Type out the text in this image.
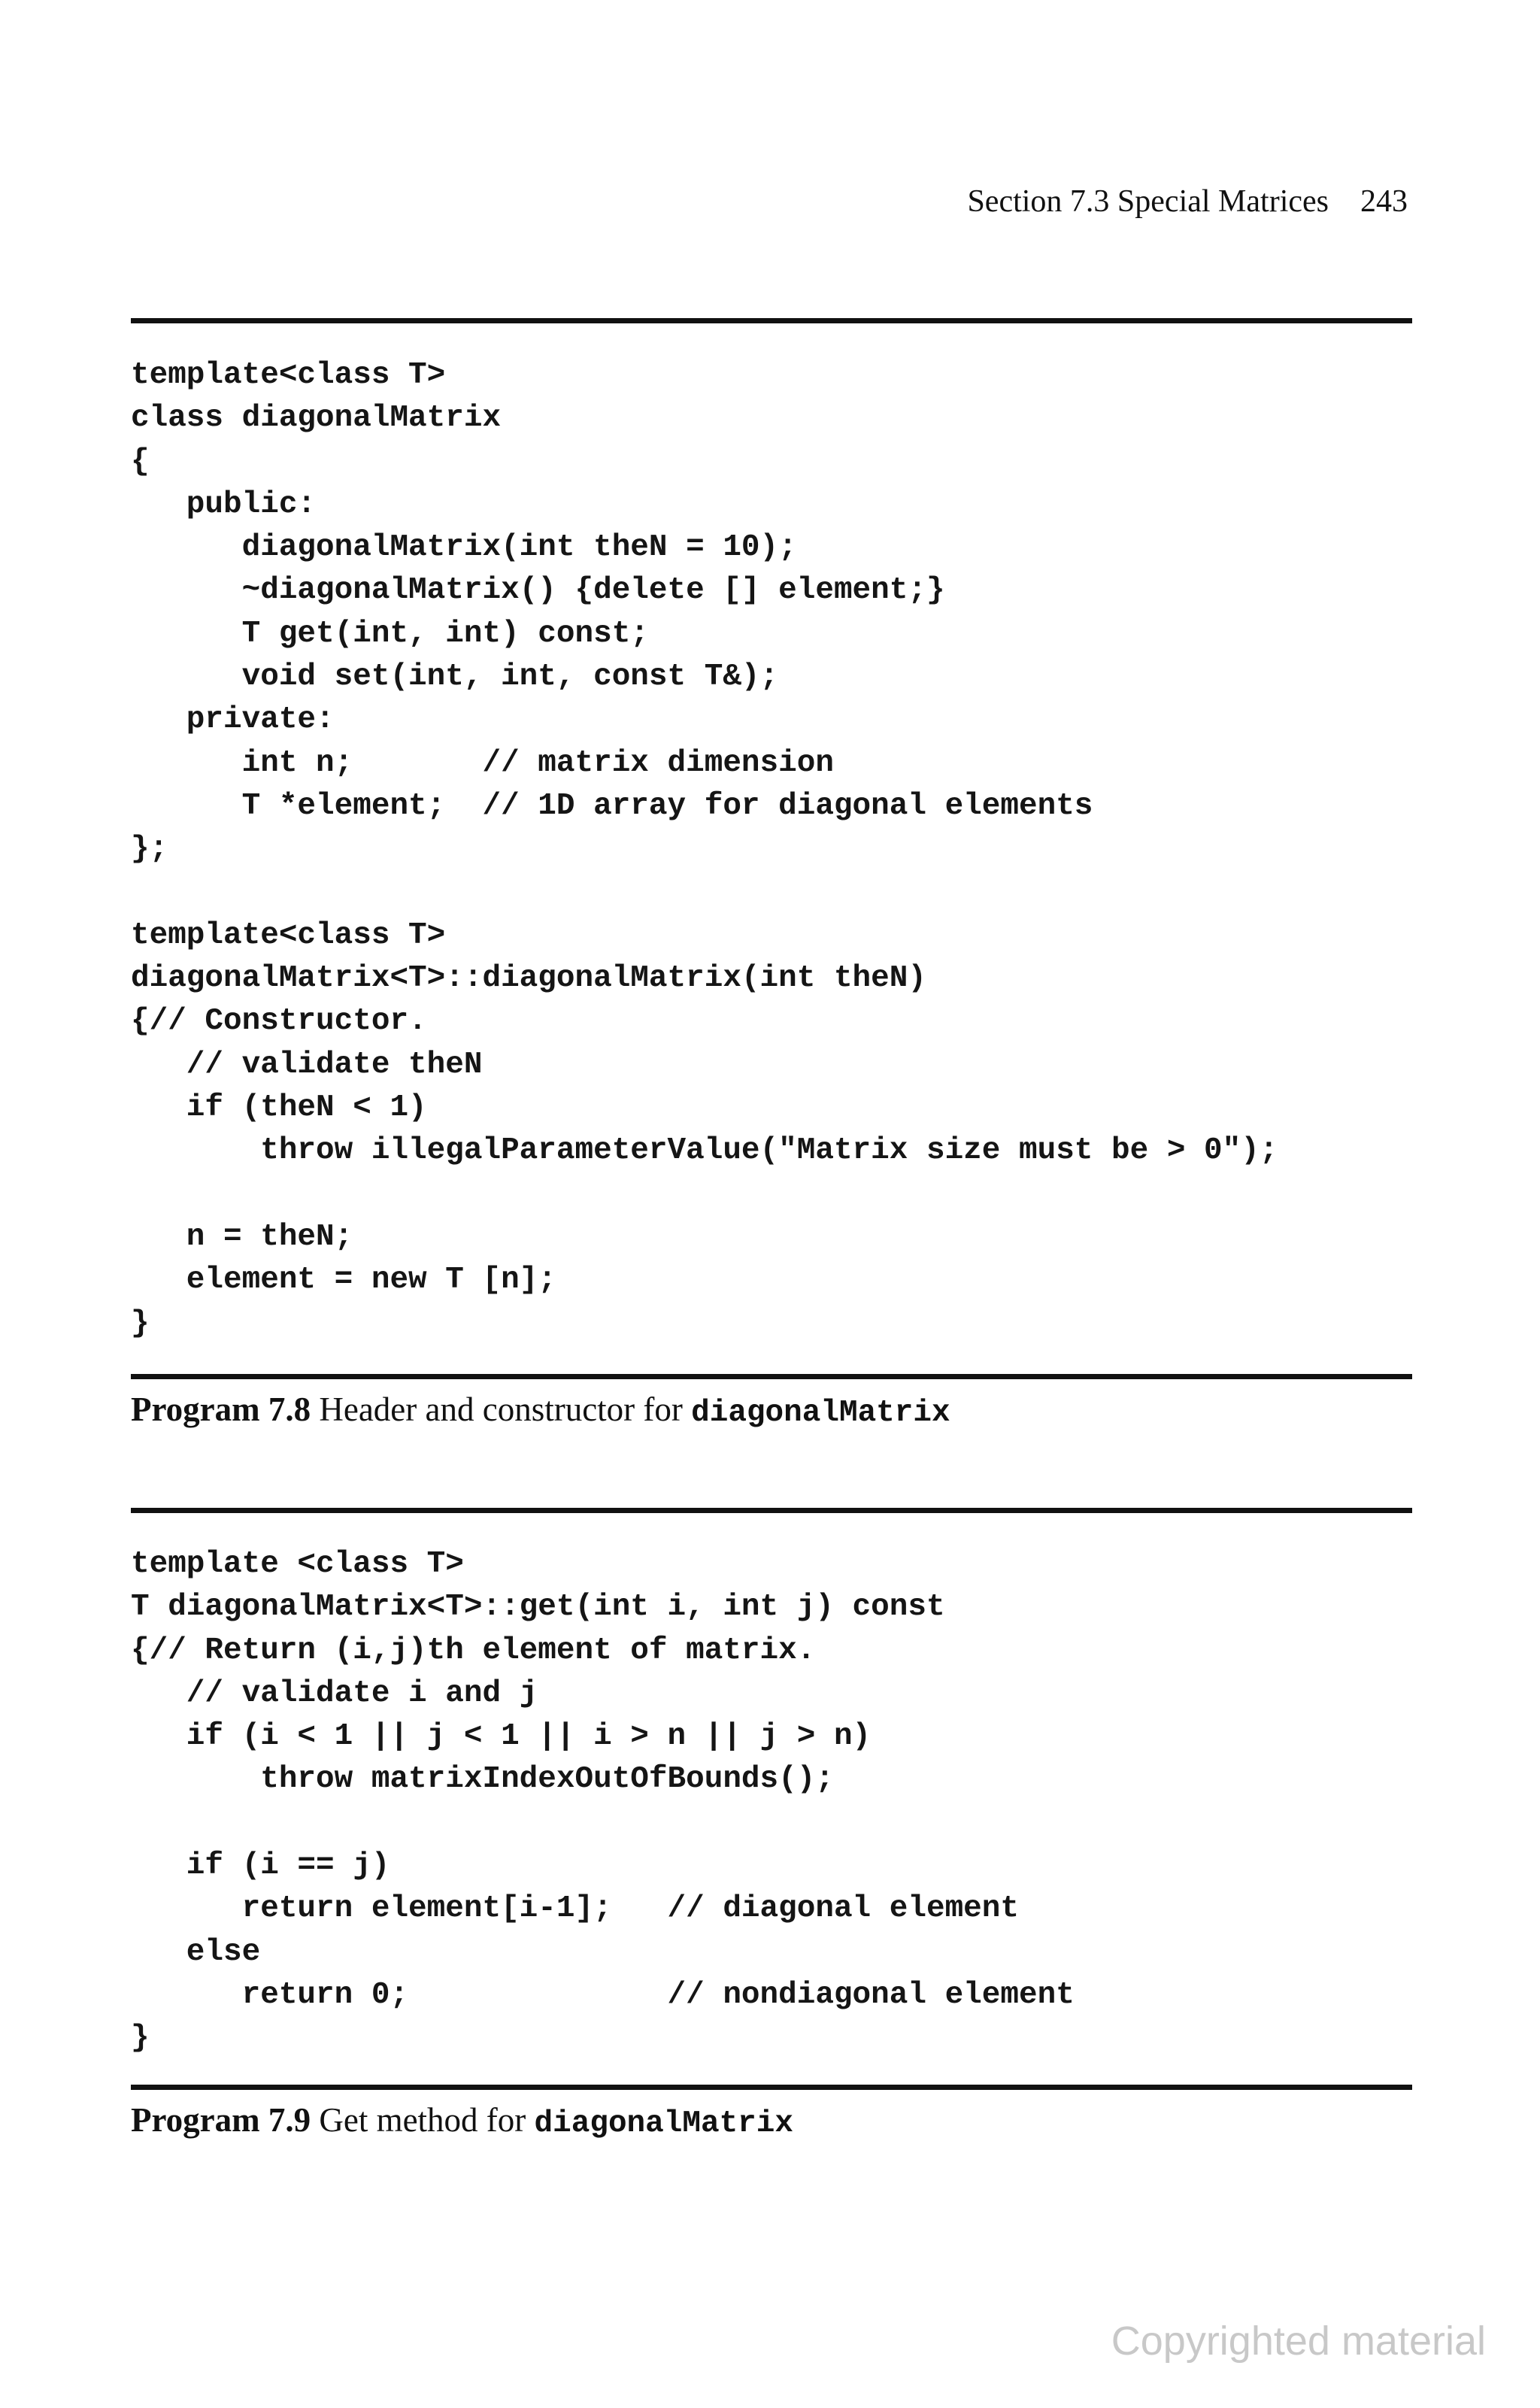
Section 7.3 Special Matrices 243
template<class T>
class diagonalMatrix
{
public:
diagonalMatrix(int theN = 10);
~diagonalMatrix() {delete [] element;}
T get(int, int) const;
void set(int, int, const T&);
private:
int n;       // matrix dimension
T *element;  // 1D array for diagonal elements
};
template<class T>
diagonalMatrix<T>::diagonalMatrix(int theN)
{// Constructor.
// validate theN
if (theN < 1)
throw illegalParameterValue("Matrix size must be > 0");
n = theN;
element = new T [n];
}
Program 7.8 Header and constructor for diagonalMatrix
template <class T>
T diagonalMatrix<T>::get(int i, int j) const
{// Return (i,j)th element of matrix.
// validate i and j
if (i < 1 || j < 1 || i > n || j > n)
throw matrixIndexOutOfBounds();
if (i == j)
return element[i-1];   // diagonal element
else
return 0;              // nondiagonal element
}
Program 7.9 Get method for diagonalMatrix
Copyrighted material
